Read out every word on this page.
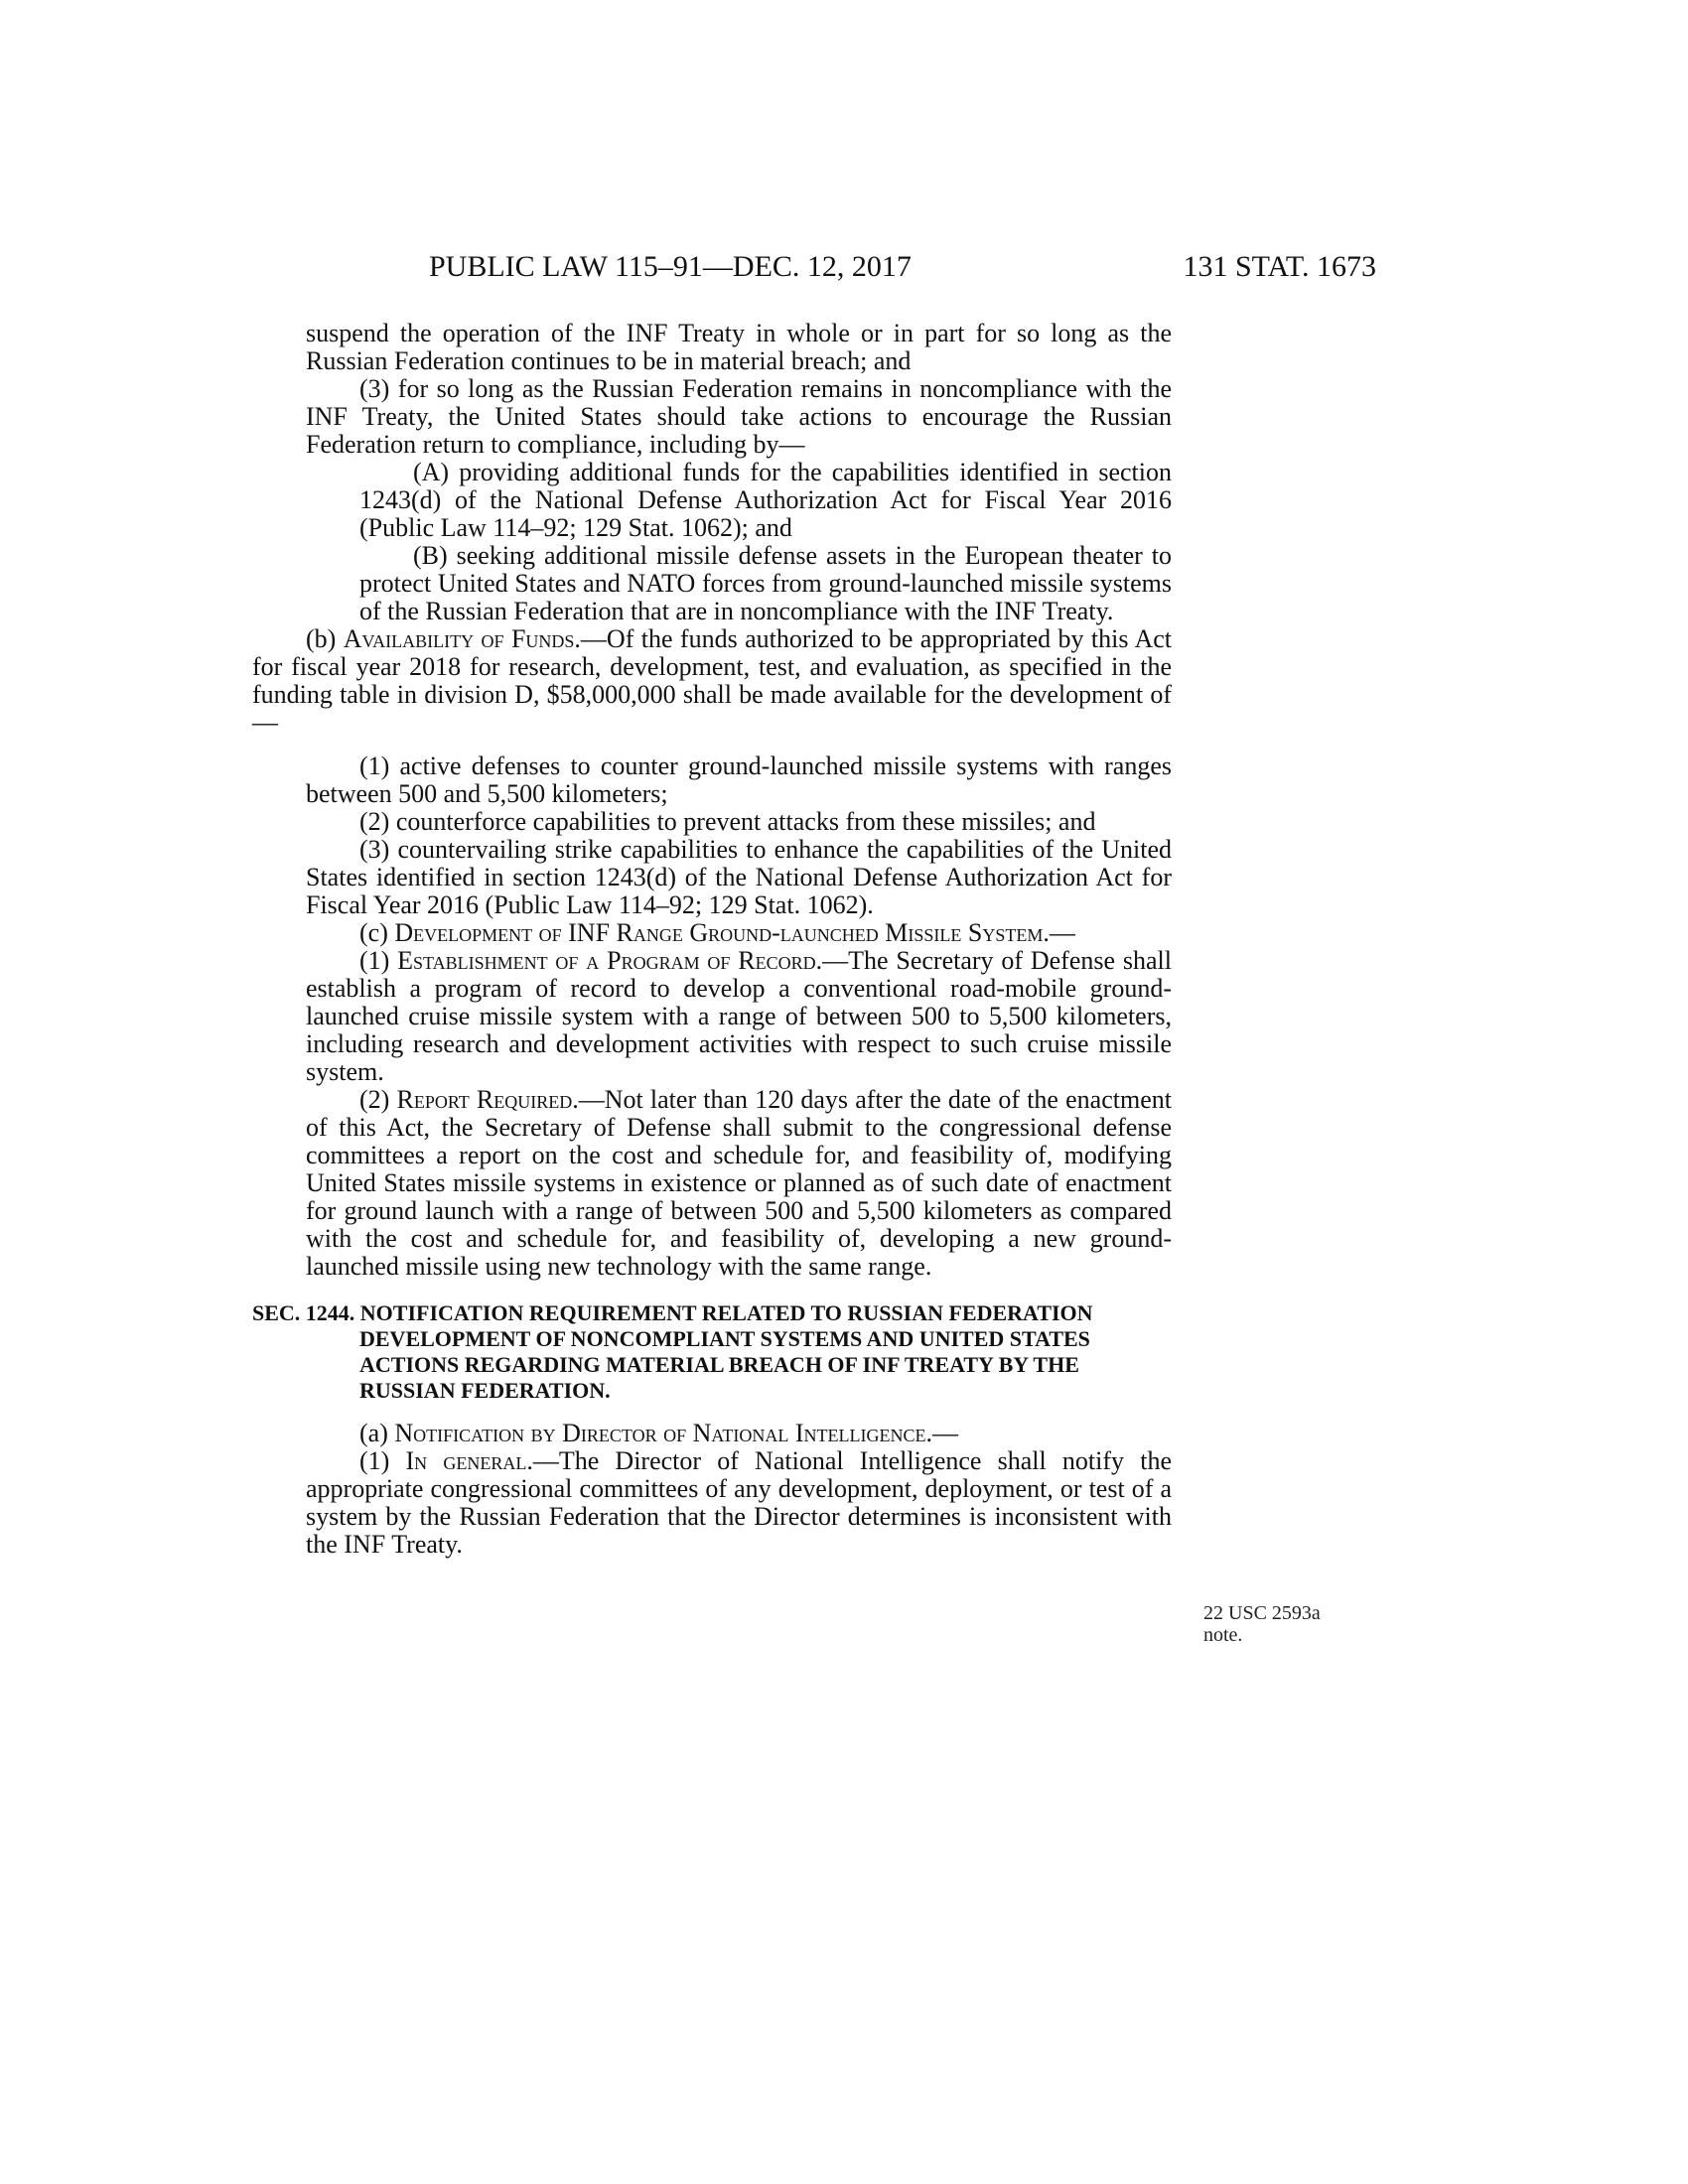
PUBLIC LAW 115–91—DEC. 12, 2017	131 STAT. 1673

suspend the operation of the INF Treaty in whole or in part for so long as the Russian Federation continues to be in material breach; and

(3) for so long as the Russian Federation remains in noncompliance with the INF Treaty, the United States should take actions to encourage the Russian Federation return to compliance, including by—

(A) providing additional funds for the capabilities identified in section 1243(d) of the National Defense Authorization Act for Fiscal Year 2016 (Public Law 114–92; 129 Stat. 1062); and

(B) seeking additional missile defense assets in the European theater to protect United States and NATO forces from ground-launched missile systems of the Russian Federation that are in noncompliance with the INF Treaty.

(b) Availability of Funds.—Of the funds authorized to be appropriated by this Act for fiscal year 2018 for research, development, test, and evaluation, as specified in the funding table in division D, $58,000,000 shall be made available for the development of—

(1) active defenses to counter ground-launched missile systems with ranges between 500 and 5,500 kilometers;

(2) counterforce capabilities to prevent attacks from these missiles; and

(3) countervailing strike capabilities to enhance the capabilities of the United States identified in section 1243(d) of the National Defense Authorization Act for Fiscal Year 2016 (Public Law 114–92; 129 Stat. 1062).

(c) Development of INF Range Ground-launched Missile System.—

(1) Establishment of a Program of Record.—The Secretary of Defense shall establish a program of record to develop a conventional road-mobile ground-launched cruise missile system with a range of between 500 to 5,500 kilometers, including research and development activities with respect to such cruise missile system.

(2) Report Required.—Not later than 120 days after the date of the enactment of this Act, the Secretary of Defense shall submit to the congressional defense committees a report on the cost and schedule for, and feasibility of, modifying United States missile systems in existence or planned as of such date of enactment for ground launch with a range of between 500 and 5,500 kilometers as compared with the cost and schedule for, and feasibility of, developing a new ground-launched missile using new technology with the same range.

SEC. 1244. NOTIFICATION REQUIREMENT RELATED TO RUSSIAN FEDERATION DEVELOPMENT OF NONCOMPLIANT SYSTEMS AND UNITED STATES ACTIONS REGARDING MATERIAL BREACH OF INF TREATY BY THE RUSSIAN FEDERATION.

(a) Notification by Director of National Intelligence.—

(1) In general.—The Director of National Intelligence shall notify the appropriate congressional committees of any development, deployment, or test of a system by the Russian Federation that the Director determines is inconsistent with the INF Treaty.

22 USC 2593a note.
